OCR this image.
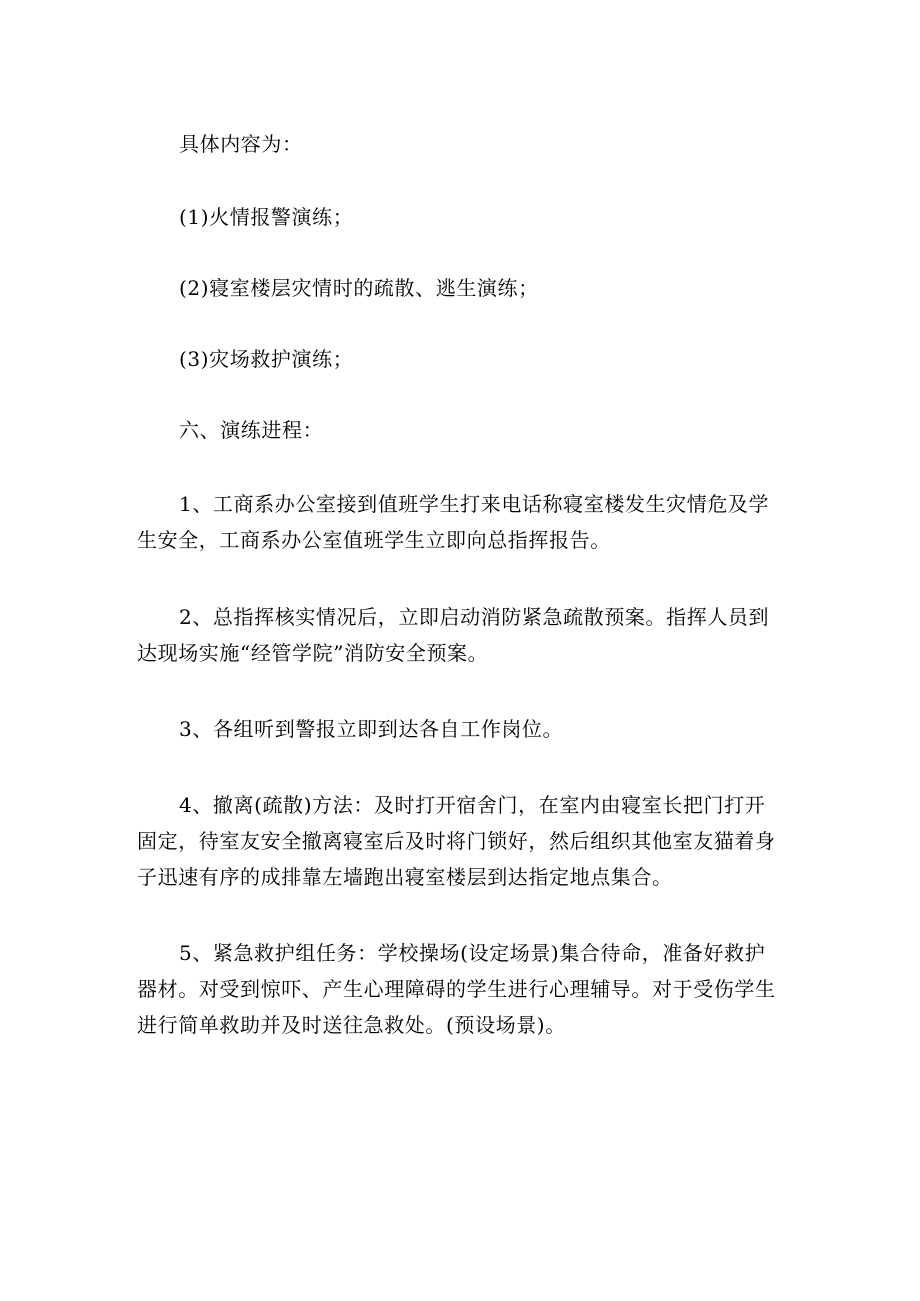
具体内容为：

(1)火情报警演练；

(2)寝室楼层灾情时的疏散、逃生演练；

(3)灾场救护演练；

六、演练进程：

1、工商系办公室接到值班学生打来电话称寝室楼发生灾情危及学生安全，工商系办公室值班学生立即向总指挥报告。

2、总指挥核实情况后，立即启动消防紧急疏散预案。指挥人员到达现场实施“经管学院”消防安全预案。

3、各组听到警报立即到达各自工作岗位。

4、撤离(疏散)方法：及时打开宿舍门，在室内由寝室长把门打开固定，待室友安全撤离寝室后及时将门锁好，然后组织其他室友猫着身子迅速有序的成排靠左墙跑出寝室楼层到达指定地点集合。

5、紧急救护组任务：学校操场(设定场景)集合待命，准备好救护器材。对受到惊吓、产生心理障碍的学生进行心理辅导。对于受伤学生进行简单救助并及时送往急救处。(预设场景)。
